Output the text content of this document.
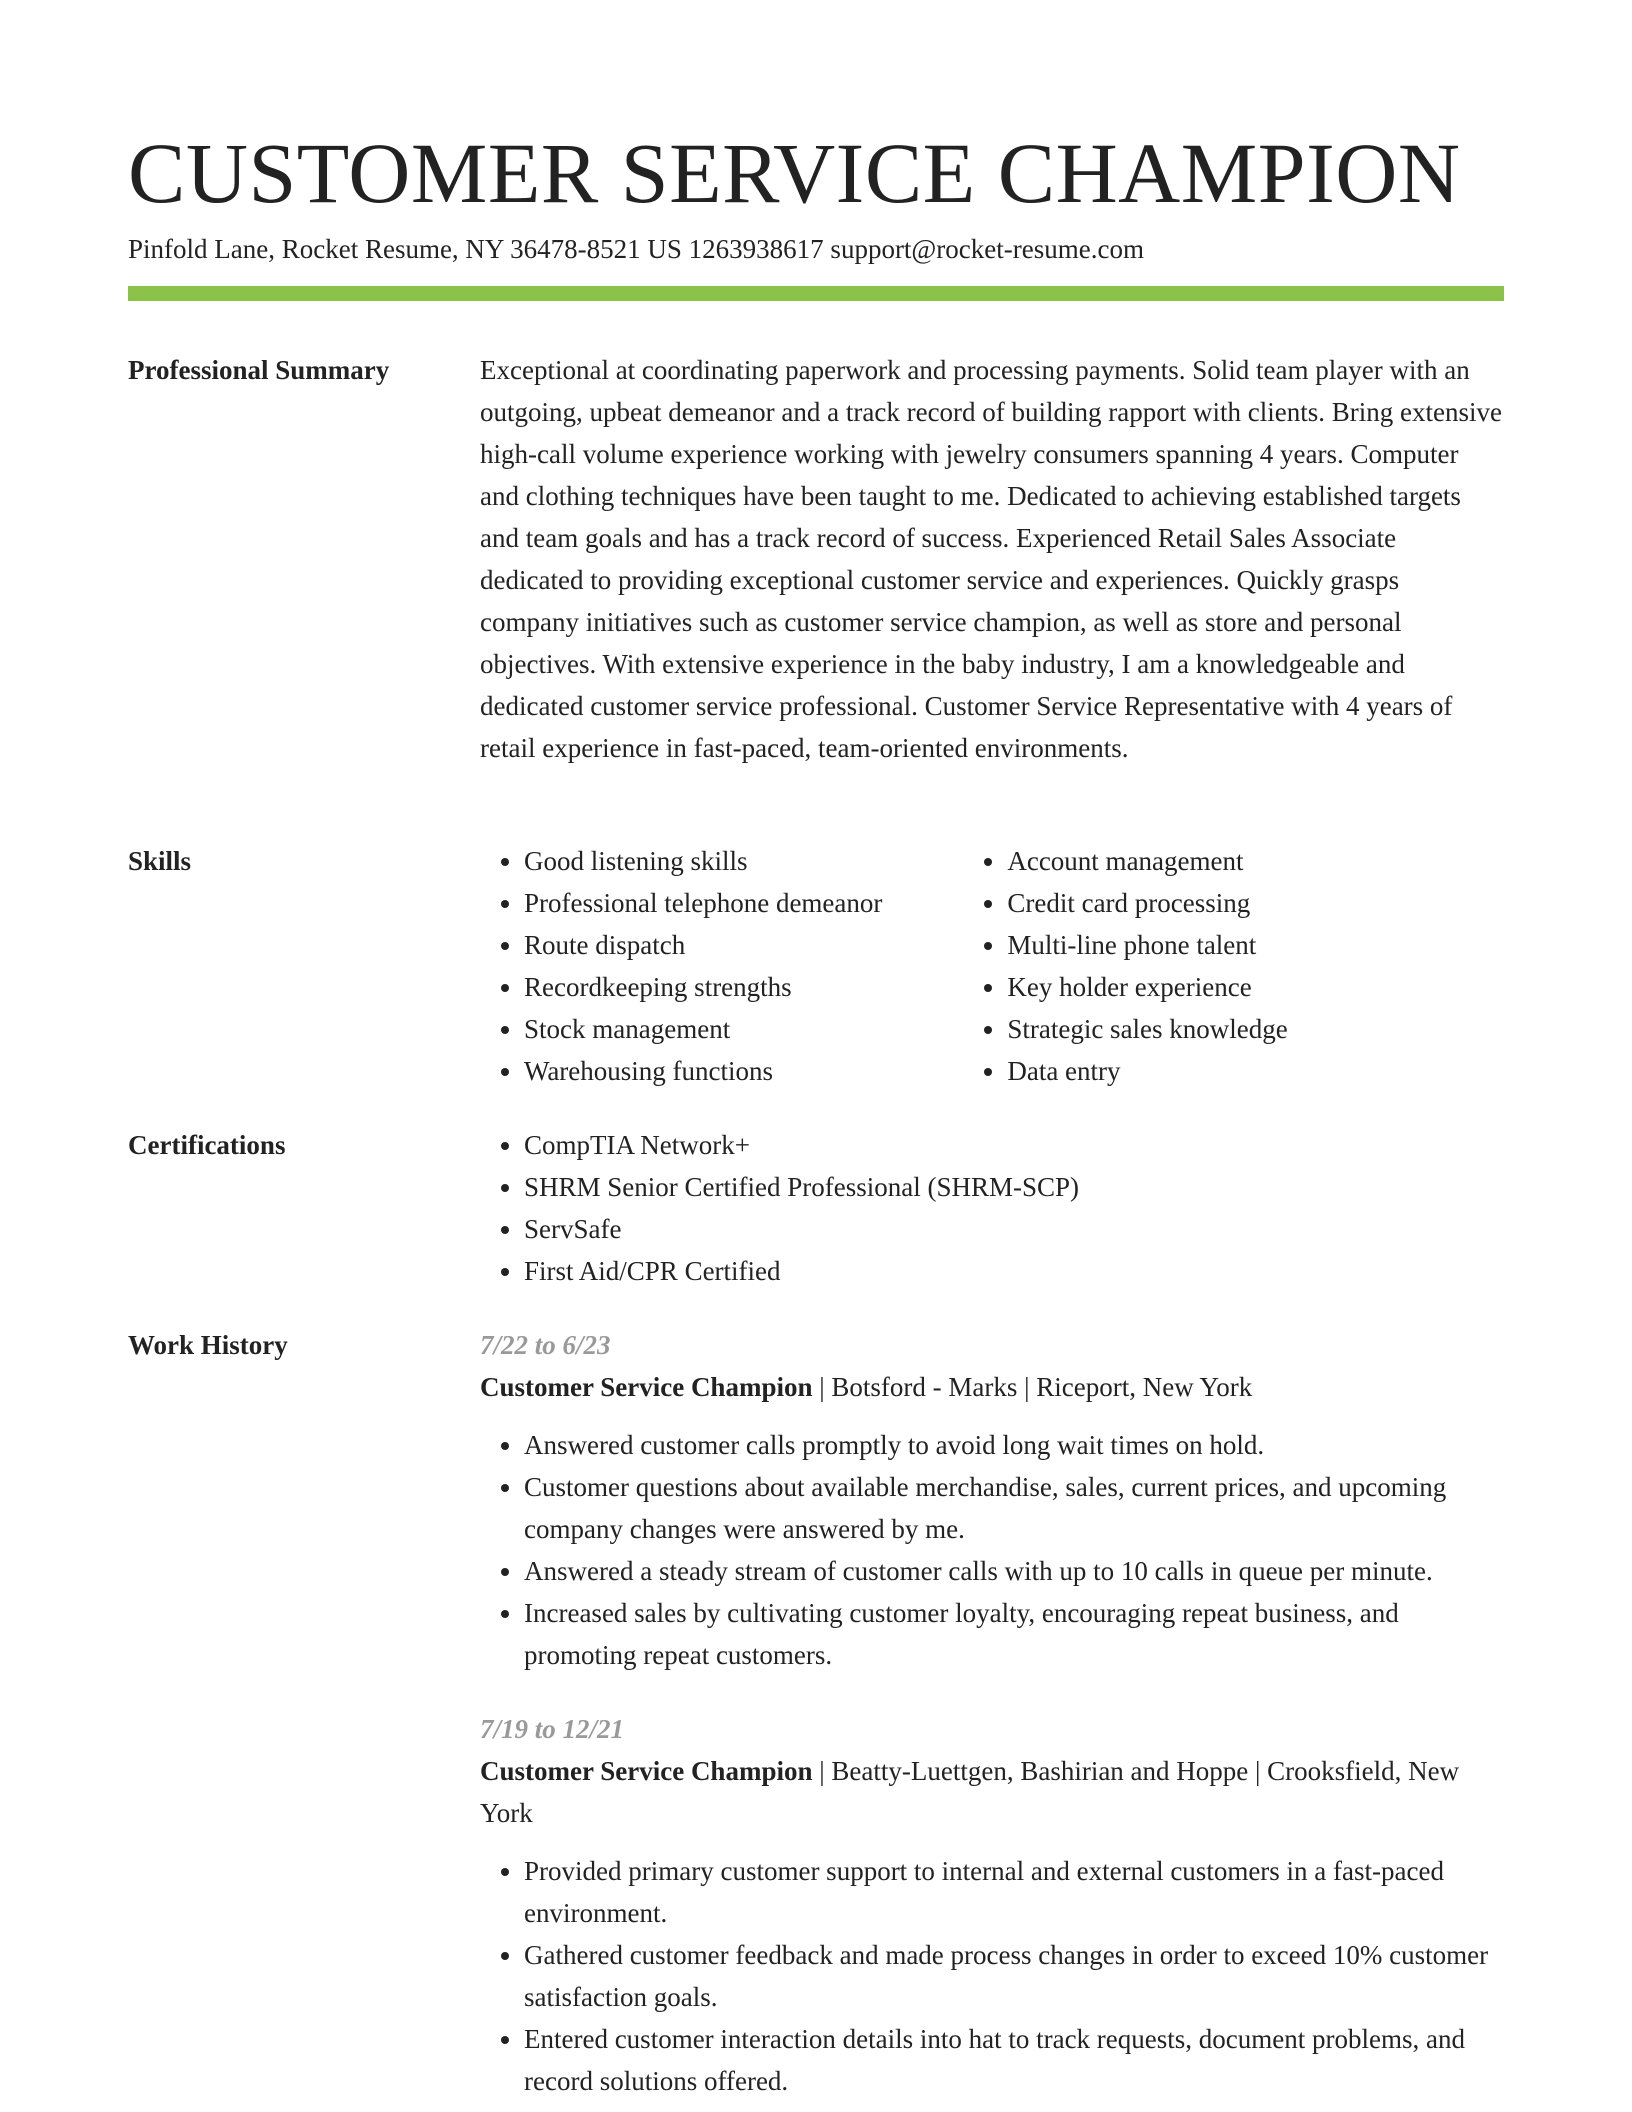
CUSTOMER SERVICE CHAMPION
Pinfold Lane, Rocket Resume, NY 36478-8521 US 1263938617 support@rocket-resume.com
Professional Summary	Exceptional at coordinating paperwork and processing payments. Solid team player with an outgoing, upbeat demeanor and a track record of building rapport with clients. Bring extensive high-call volume experience working with jewelry consumers spanning 4 years. Computer and clothing techniques have been taught to me. Dedicated to achieving established targets and team goals and has a track record of success. Experienced Retail Sales Associate dedicated to providing exceptional customer service and experiences. Quickly grasps company initiatives such as customer service champion, as well as store and personal objectives. With extensive experience in the baby industry, I am a knowledgeable and dedicated customer service professional. Customer Service Representative with 4 years of retail experience in fast-paced, team-oriented environments.

Skills	• Good listening skills
• Professional telephone demeanor
• Route dispatch
• Recordkeeping strengths
• Stock management
• Warehousing functions
• Account management
• Credit card processing
• Multi-line phone talent
• Key holder experience
• Strategic sales knowledge
• Data entry
Certifications	• CompTIA Network+
• SHRM Senior Certified Professional (SHRM-SCP)
• ServSafe
• First Aid/CPR Certified
Work History	7/22 to 6/23
Customer Service Champion | Botsford - Marks | Riceport, New York
• Answered customer calls promptly to avoid long wait times on hold.
• Customer questions about available merchandise, sales, current prices, and upcoming company changes were answered by me.
• Answered a steady stream of customer calls with up to 10 calls in queue per minute.
• Increased sales by cultivating customer loyalty, encouraging repeat business, and promoting repeat customers.
7/19 to 12/21
Customer Service Champion | Beatty-Luettgen, Bashirian and Hoppe | Crooksfield, New York
• Provided primary customer support to internal and external customers in a fast-paced environment.
• Gathered customer feedback and made process changes in order to exceed 10% customer satisfaction goals.
• Entered customer interaction details into hat to track requests, document problems, and record solutions offered.
